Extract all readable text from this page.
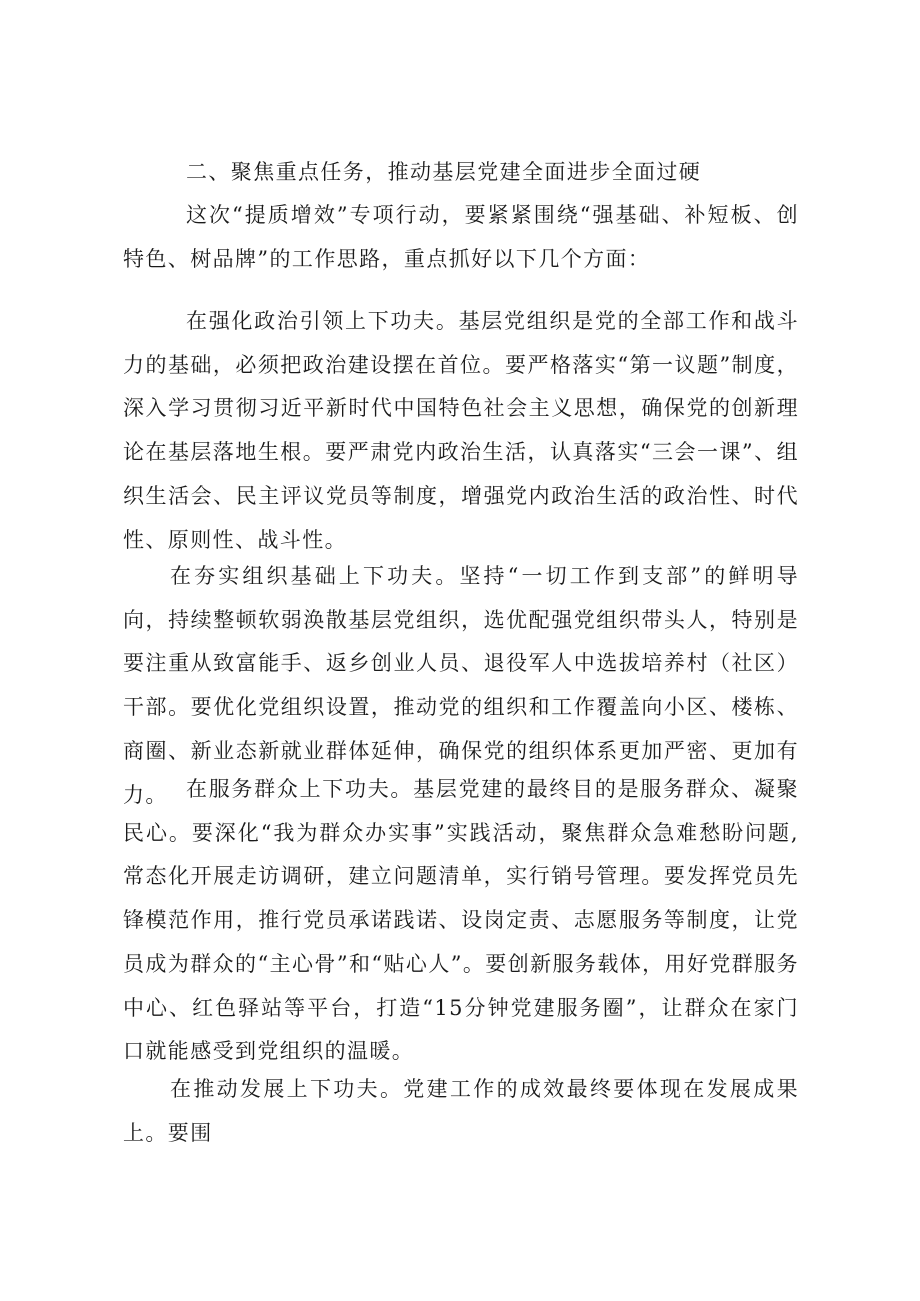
二、聚焦重点任务，推动基层党建全面进步全面过硬

这次“提质增效”专项行动，要紧紧围绕“强基础、补短板、创特色、树品牌”的工作思路，重点抓好以下几个方面：

在强化政治引领上下功夫。基层党组织是党的全部工作和战斗力的基础，必须把政治建设摆在首位。要严格落实“第一议题”制度，深入学习贯彻习近平新时代中国特色社会主义思想，确保党的创新理论在基层落地生根。要严肃党内政治生活，认真落实“三会一课”、组织生活会、民主评议党员等制度，增强党内政治生活的政治性、时代性、原则性、战斗性。

在夯实组织基础上下功夫。坚持“一切工作到支部”的鲜明导向，持续整顿软弱涣散基层党组织，选优配强党组织带头人，特别是要注重从致富能手、返乡创业人员、退役军人中选拔培养村（社区）干部。要优化党组织设置，推动党的组织和工作覆盖向小区、楼栋、商圈、新业态新就业群体延伸，确保党的组织体系更加严密、更加有力。 在服务群众上下功夫。基层党建的最终目的是服务群众、凝聚民心。要深化“我为群众办实事”实践活动，聚焦群众急难愁盼问题,常态化开展走访调研，建立问题清单，实行销号管理。要发挥党员先锋模范作用，推行党员承诺践诺、设岗定责、志愿服务等制度，让党员成为群众的“主心骨”和“贴心人”。要创新服务载体，用好党群服务中心、红色驿站等平台，打造“15分钟党建服务圈”，让群众在家门口就能感受到党组织的温暖。

在推动发展上下功夫。党建工作的成效最终要体现在发展成果上。要围
